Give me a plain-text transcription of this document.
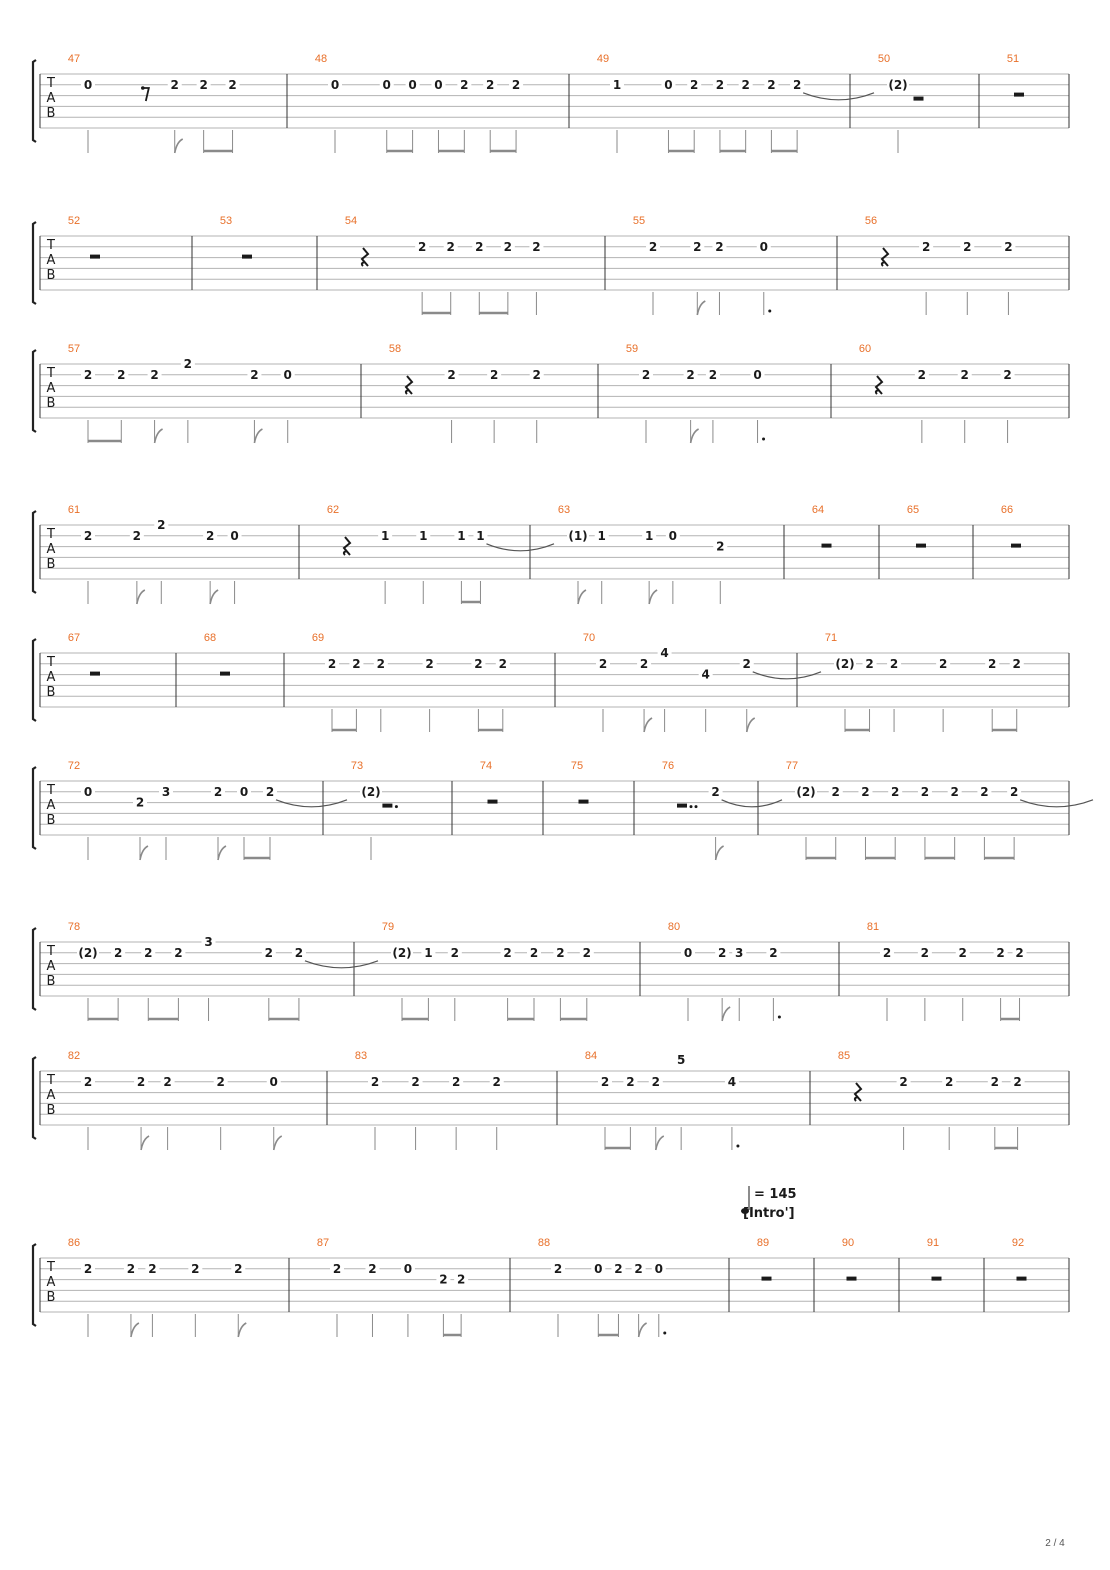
T
A
B
47
0	2 2 2
48
0	0 0 0 2 2 2
49
1	0 2 2 2 2 2
50
(2)
51
T
A
B
52	53	54
2 2 2 2 2
55
2	2 2	0
56
2	2	2
T
A
B
57
2 2 2
2
2 0
58
2	2	2
59
2	2 2	0
60
2	2	2
T
A
B
61
2	2
2
2 0
62
1 1 1 1
63
(1) 1	1 0
2
64	65	66
T
A
B
67	68	69
2 2 2	2	2 2
70
2	2
4
4
2
71
(2) 2 2	2	2 2
T
A
B
72
0
2
3	2 0 2
73
(2)
74	75	76
2
77
(2) 2 2 2 2 2 2 2
T
A
B
78
(2) 2 2 2
3
2 2
79
(2) 1 2	2 2 2 2
80
0 2 3 2
81
2 2 2 2 2
T
A
B
82
2	2 2	2	0
83
2	2	2	2
84
2 2 2
5
4
85
2	2	2 2
T
A
B
86
2	2 2	2	2
87
2 2 0
2 2
88
2	0 2 2 0
89	90	91	92
= 145
[Intro']
2 / 4
